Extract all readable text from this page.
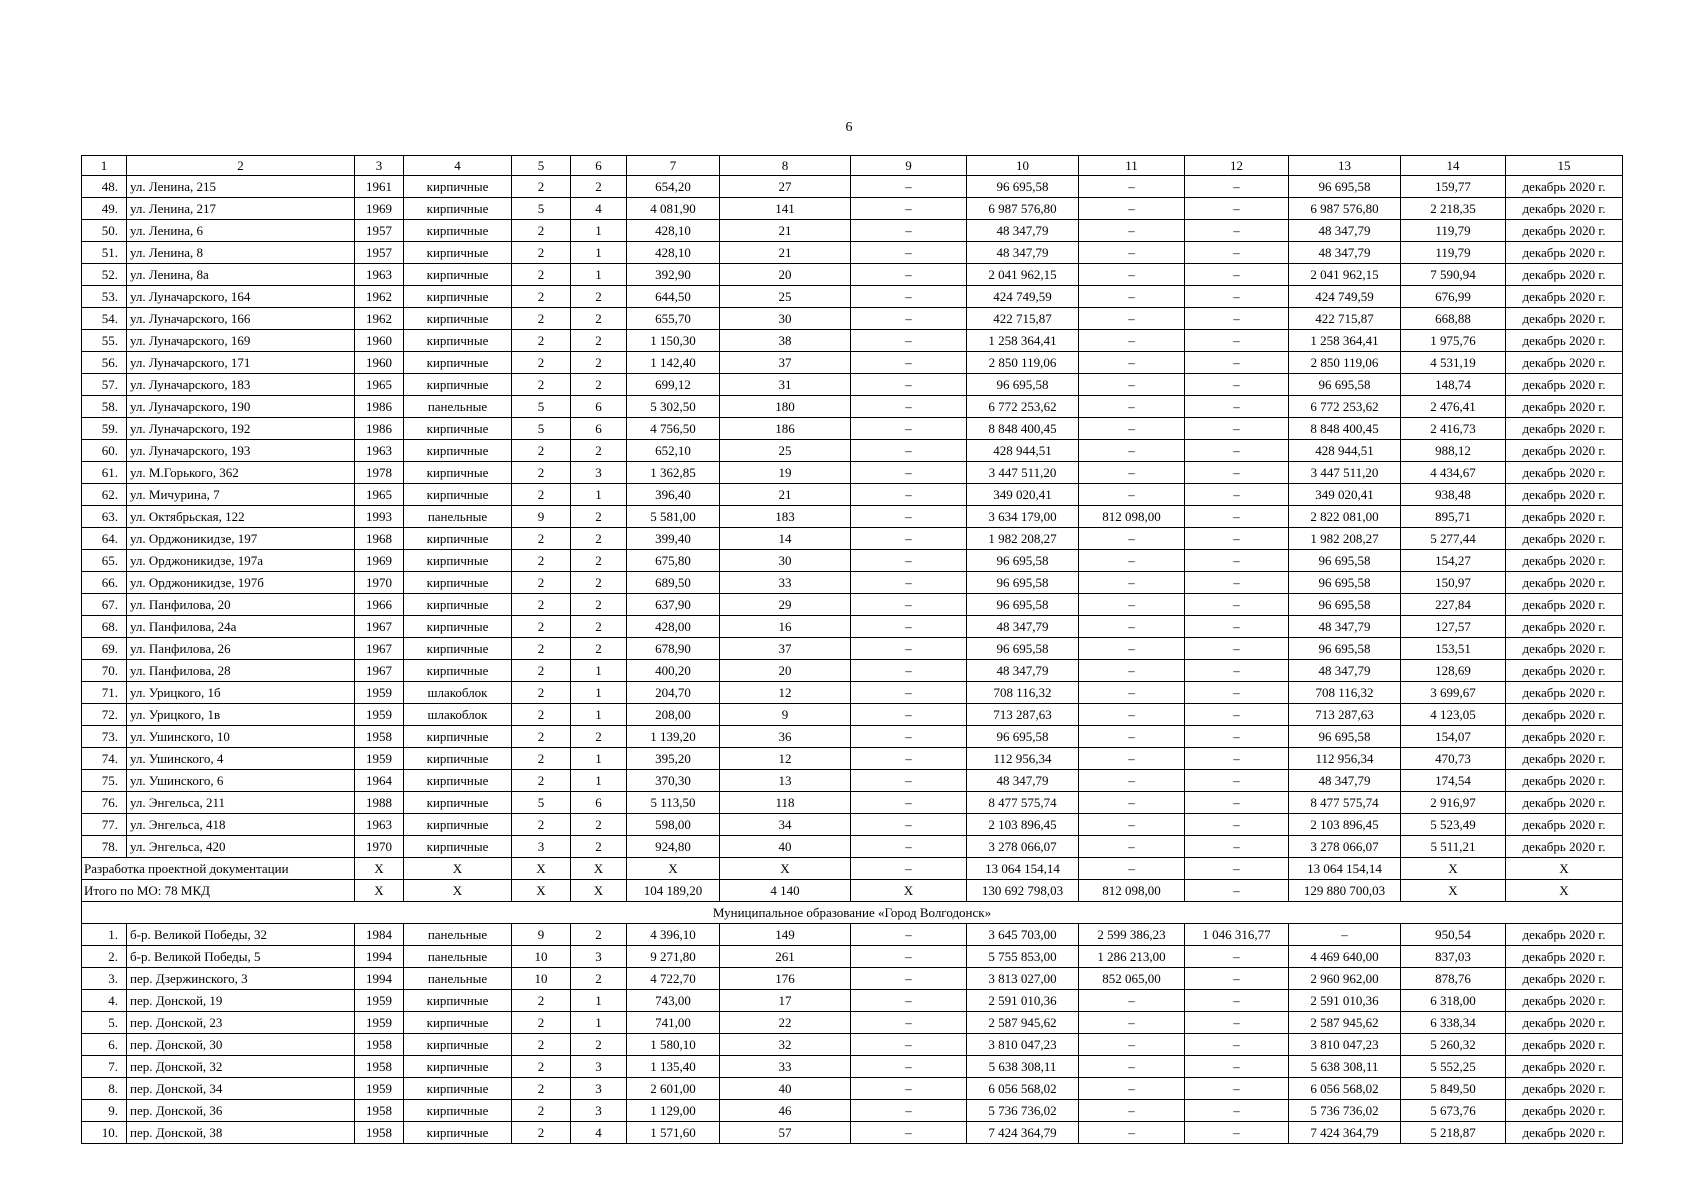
6
1	2	3	4	5	6	7	8	9	10	11	12	13	14	15
48.	ул. Ленина, 215	1961	кирпичные	2	2	654,20	27	–	96 695,58	–	–	96 695,58	159,77	декабрь 2020 г.
49.	ул. Ленина, 217	1969	кирпичные	5	4	4 081,90	141	–	6 987 576,80	–	–	6 987 576,80	2 218,35	декабрь 2020 г.
50.	ул. Ленина, 6	1957	кирпичные	2	1	428,10	21	–	48 347,79	–	–	48 347,79	119,79	декабрь 2020 г.
51.	ул. Ленина, 8	1957	кирпичные	2	1	428,10	21	–	48 347,79	–	–	48 347,79	119,79	декабрь 2020 г.
52.	ул. Ленина, 8а	1963	кирпичные	2	1	392,90	20	–	2 041 962,15	–	–	2 041 962,15	7 590,94	декабрь 2020 г.
53.	ул. Луначарского, 164	1962	кирпичные	2	2	644,50	25	–	424 749,59	–	–	424 749,59	676,99	декабрь 2020 г.
54.	ул. Луначарского, 166	1962	кирпичные	2	2	655,70	30	–	422 715,87	–	–	422 715,87	668,88	декабрь 2020 г.
55.	ул. Луначарского, 169	1960	кирпичные	2	2	1 150,30	38	–	1 258 364,41	–	–	1 258 364,41	1 975,76	декабрь 2020 г.
56.	ул. Луначарского, 171	1960	кирпичные	2	2	1 142,40	37	–	2 850 119,06	–	–	2 850 119,06	4 531,19	декабрь 2020 г.
57.	ул. Луначарского, 183	1965	кирпичные	2	2	699,12	31	–	96 695,58	–	–	96 695,58	148,74	декабрь 2020 г.
58.	ул. Луначарского, 190	1986	панельные	5	6	5 302,50	180	–	6 772 253,62	–	–	6 772 253,62	2 476,41	декабрь 2020 г.
59.	ул. Луначарского, 192	1986	кирпичные	5	6	4 756,50	186	–	8 848 400,45	–	–	8 848 400,45	2 416,73	декабрь 2020 г.
60.	ул. Луначарского, 193	1963	кирпичные	2	2	652,10	25	–	428 944,51	–	–	428 944,51	988,12	декабрь 2020 г.
61.	ул. М.Горького, 362	1978	кирпичные	2	3	1 362,85	19	–	3 447 511,20	–	–	3 447 511,20	4 434,67	декабрь 2020 г.
62.	ул. Мичурина, 7	1965	кирпичные	2	1	396,40	21	–	349 020,41	–	–	349 020,41	938,48	декабрь 2020 г.
63.	ул. Октябрьская, 122	1993	панельные	9	2	5 581,00	183	–	3 634 179,00	812 098,00	–	2 822 081,00	895,71	декабрь 2020 г.
64.	ул. Орджоникидзе, 197	1968	кирпичные	2	2	399,40	14	–	1 982 208,27	–	–	1 982 208,27	5 277,44	декабрь 2020 г.
65.	ул. Орджоникидзе, 197а	1969	кирпичные	2	2	675,80	30	–	96 695,58	–	–	96 695,58	154,27	декабрь 2020 г.
66.	ул. Орджоникидзе, 197б	1970	кирпичные	2	2	689,50	33	–	96 695,58	–	–	96 695,58	150,97	декабрь 2020 г.
67.	ул. Панфилова, 20	1966	кирпичные	2	2	637,90	29	–	96 695,58	–	–	96 695,58	227,84	декабрь 2020 г.
68.	ул. Панфилова, 24а	1967	кирпичные	2	2	428,00	16	–	48 347,79	–	–	48 347,79	127,57	декабрь 2020 г.
69.	ул. Панфилова, 26	1967	кирпичные	2	2	678,90	37	–	96 695,58	–	–	96 695,58	153,51	декабрь 2020 г.
70.	ул. Панфилова, 28	1967	кирпичные	2	1	400,20	20	–	48 347,79	–	–	48 347,79	128,69	декабрь 2020 г.
71.	ул. Урицкого, 1б	1959	шлакоблок	2	1	204,70	12	–	708 116,32	–	–	708 116,32	3 699,67	декабрь 2020 г.
72.	ул. Урицкого, 1в	1959	шлакоблок	2	1	208,00	9	–	713 287,63	–	–	713 287,63	4 123,05	декабрь 2020 г.
73.	ул. Ушинского, 10	1958	кирпичные	2	2	1 139,20	36	–	96 695,58	–	–	96 695,58	154,07	декабрь 2020 г.
74.	ул. Ушинского, 4	1959	кирпичные	2	1	395,20	12	–	112 956,34	–	–	112 956,34	470,73	декабрь 2020 г.
75.	ул. Ушинского, 6	1964	кирпичные	2	1	370,30	13	–	48 347,79	–	–	48 347,79	174,54	декабрь 2020 г.
76.	ул. Энгельса, 211	1988	кирпичные	5	6	5 113,50	118	–	8 477 575,74	–	–	8 477 575,74	2 916,97	декабрь 2020 г.
77.	ул. Энгельса, 418	1963	кирпичные	2	2	598,00	34	–	2 103 896,45	–	–	2 103 896,45	5 523,49	декабрь 2020 г.
78.	ул. Энгельса, 420	1970	кирпичные	3	2	924,80	40	–	3 278 066,07	–	–	3 278 066,07	5 511,21	декабрь 2020 г.
Разработка проектной документации		X	X	X	X	X	X	–	13 064 154,14	–	–	13 064 154,14	X	X
Итого по МО: 78 МКД		X	X	X	X	104 189,20	4 140	X	130 692 798,03	812 098,00	–	129 880 700,03	X	X
Муниципальное образование «Город Волгодонск»														
1.	б-р. Великой Победы, 32	1984	панельные	9	2	4 396,10	149	–	3 645 703,00	2 599 386,23	1 046 316,77	–	950,54	декабрь 2020 г.
2.	б-р. Великой Победы, 5	1994	панельные	10	3	9 271,80	261	–	5 755 853,00	1 286 213,00	–	4 469 640,00	837,03	декабрь 2020 г.
3.	пер. Дзержинского, 3	1994	панельные	10	2	4 722,70	176	–	3 813 027,00	852 065,00	–	2 960 962,00	878,76	декабрь 2020 г.
4.	пер. Донской, 19	1959	кирпичные	2	1	743,00	17	–	2 591 010,36	–	–	2 591 010,36	6 318,00	декабрь 2020 г.
5.	пер. Донской, 23	1959	кирпичные	2	1	741,00	22	–	2 587 945,62	–	–	2 587 945,62	6 338,34	декабрь 2020 г.
6.	пер. Донской, 30	1958	кирпичные	2	2	1 580,10	32	–	3 810 047,23	–	–	3 810 047,23	5 260,32	декабрь 2020 г.
7.	пер. Донской, 32	1958	кирпичные	2	3	1 135,40	33	–	5 638 308,11	–	–	5 638 308,11	5 552,25	декабрь 2020 г.
8.	пер. Донской, 34	1959	кирпичные	2	3	2 601,00	40	–	6 056 568,02	–	–	6 056 568,02	5 849,50	декабрь 2020 г.
9.	пер. Донской, 36	1958	кирпичные	2	3	1 129,00	46	–	5 736 736,02	–	–	5 736 736,02	5 673,76	декабрь 2020 г.
10.	пер. Донской, 38	1958	кирпичные	2	4	1 571,60	57	–	7 424 364,79	–	–	7 424 364,79	5 218,87	декабрь 2020 г.
